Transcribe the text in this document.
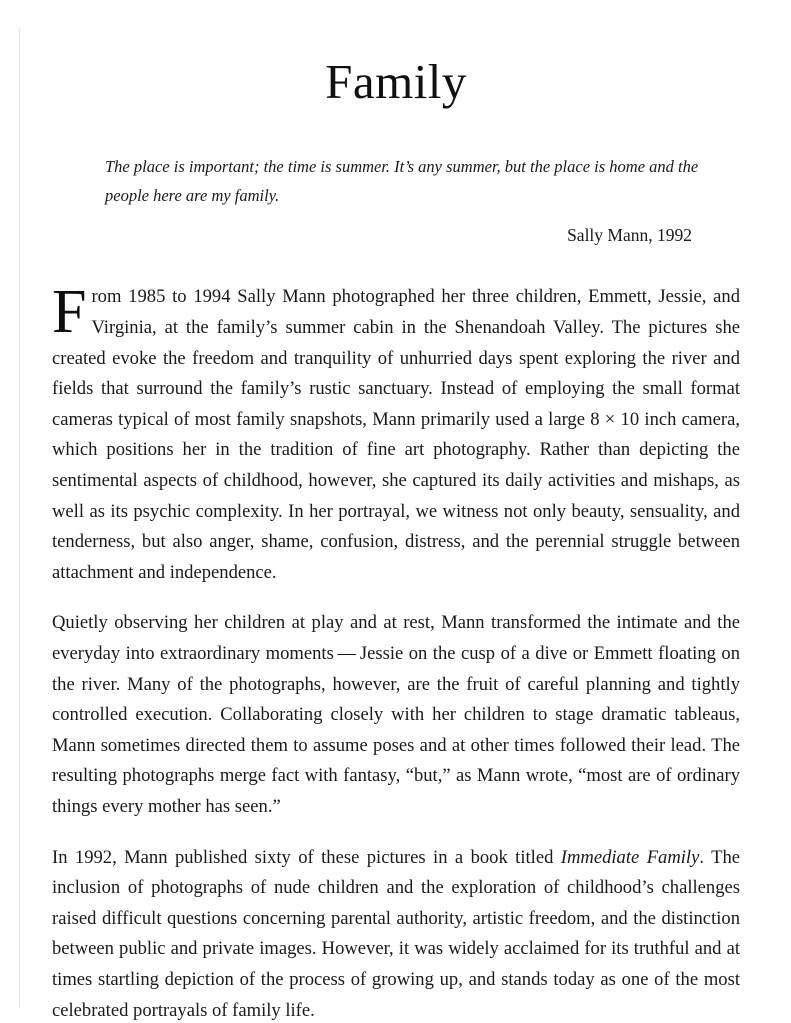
Family

The place is important; the time is summer. It’s any summer, but the place is home and the people here are my family.

Sally Mann, 1992

From 1985 to 1994 Sally Mann photographed her three children, Emmett, Jessie, and Virginia, at the family’s summer cabin in the Shenandoah Valley. The pictures she created evoke the freedom and tranquility of unhurried days spent exploring the river and fields that surround the family’s rustic sanctuary. Instead of employing the small format cameras typical of most family snapshots, Mann primarily used a large 8 × 10 inch camera, which positions her in the tradition of fine art photography. Rather than depicting the sentimental aspects of childhood, however, she captured its daily activities and mishaps, as well as its psychic complexity. In her portrayal, we witness not only beauty, sensuality, and tenderness, but also anger, shame, confusion, distress, and the perennial struggle between attachment and independence.

Quietly observing her children at play and at rest, Mann transformed the intimate and the everyday into extraordinary moments — Jessie on the cusp of a dive or Emmett floating on the river. Many of the photographs, however, are the fruit of careful planning and tightly controlled execution. Collaborating closely with her children to stage dramatic tableaus, Mann sometimes directed them to assume poses and at other times followed their lead. The resulting photographs merge fact with fantasy, “but,” as Mann wrote, “most are of ordinary things every mother has seen.”

In 1992, Mann published sixty of these pictures in a book titled Immediate Family. The inclusion of photographs of nude children and the exploration of childhood’s challenges raised difficult questions concerning parental authority, artistic freedom, and the distinction between public and private images. However, it was widely acclaimed for its truthful and at times startling depiction of the process of growing up, and stands today as one of the most celebrated portrayals of family life.
